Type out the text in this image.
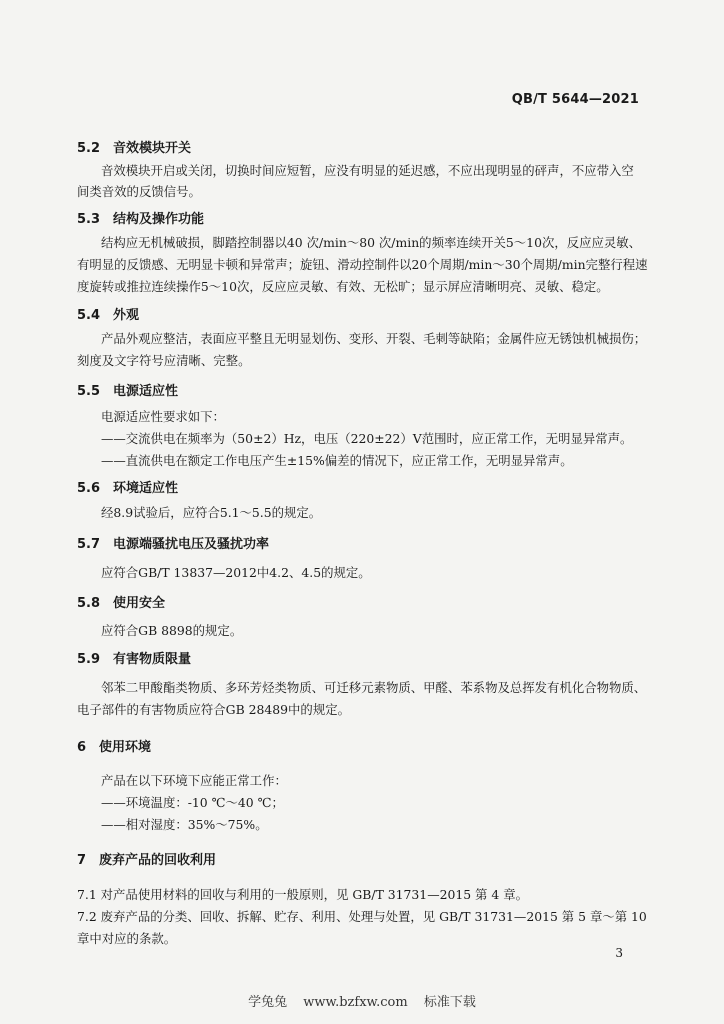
QB/T 5644—2021
5.2 音效模块开关
音效模块开启或关闭，切换时间应短暂，应没有明显的延迟感，不应出现明显的砰声，不应带入空
间类音效的反馈信号。
5.3 结构及操作功能
结构应无机械破损，脚踏控制器以40 次/min～80 次/min的频率连续开关5～10次，反应应灵敏、
有明显的反馈感、无明显卡顿和异常声；旋钮、滑动控制件以20个周期/min～30个周期/min完整行程速
度旋转或推拉连续操作5～10次，反应应灵敏、有效、无松旷；显示屏应清晰明亮、灵敏、稳定。
5.4 外观
产品外观应整洁，表面应平整且无明显划伤、变形、开裂、毛刺等缺陷；金属件应无锈蚀机械损伤；
刻度及文字符号应清晰、完整。
5.5 电源适应性
电源适应性要求如下：
——交流供电在频率为（50±2）Hz，电压（220±22）V范围时，应正常工作，无明显异常声。
——直流供电在额定工作电压产生±15%偏差的情况下，应正常工作，无明显异常声。
5.6 环境适应性
经8.9试验后，应符合5.1～5.5的规定。
5.7 电源端骚扰电压及骚扰功率
应符合GB/T 13837—2012中4.2、4.5的规定。
5.8 使用安全
应符合GB 8898的规定。
5.9 有害物质限量
邻苯二甲酸酯类物质、多环芳烃类物质、可迁移元素物质、甲醛、苯系物及总挥发有机化合物物质、
电子部件的有害物质应符合GB 28489中的规定。
6 使用环境
产品在以下环境下应能正常工作：
——环境温度：-10 ℃～40 ℃；
——相对湿度：35%～75%。
7 废弃产品的回收利用
7.1 对产品使用材料的回收与利用的一般原则，见 GB/T 31731—2015 第 4 章。
7.2 废弃产品的分类、回收、拆解、贮存、利用、处理与处置，见 GB/T 31731—2015 第 5 章～第 10
章中对应的条款。
3
学兔兔 www.bzfxw.com 标准下载
